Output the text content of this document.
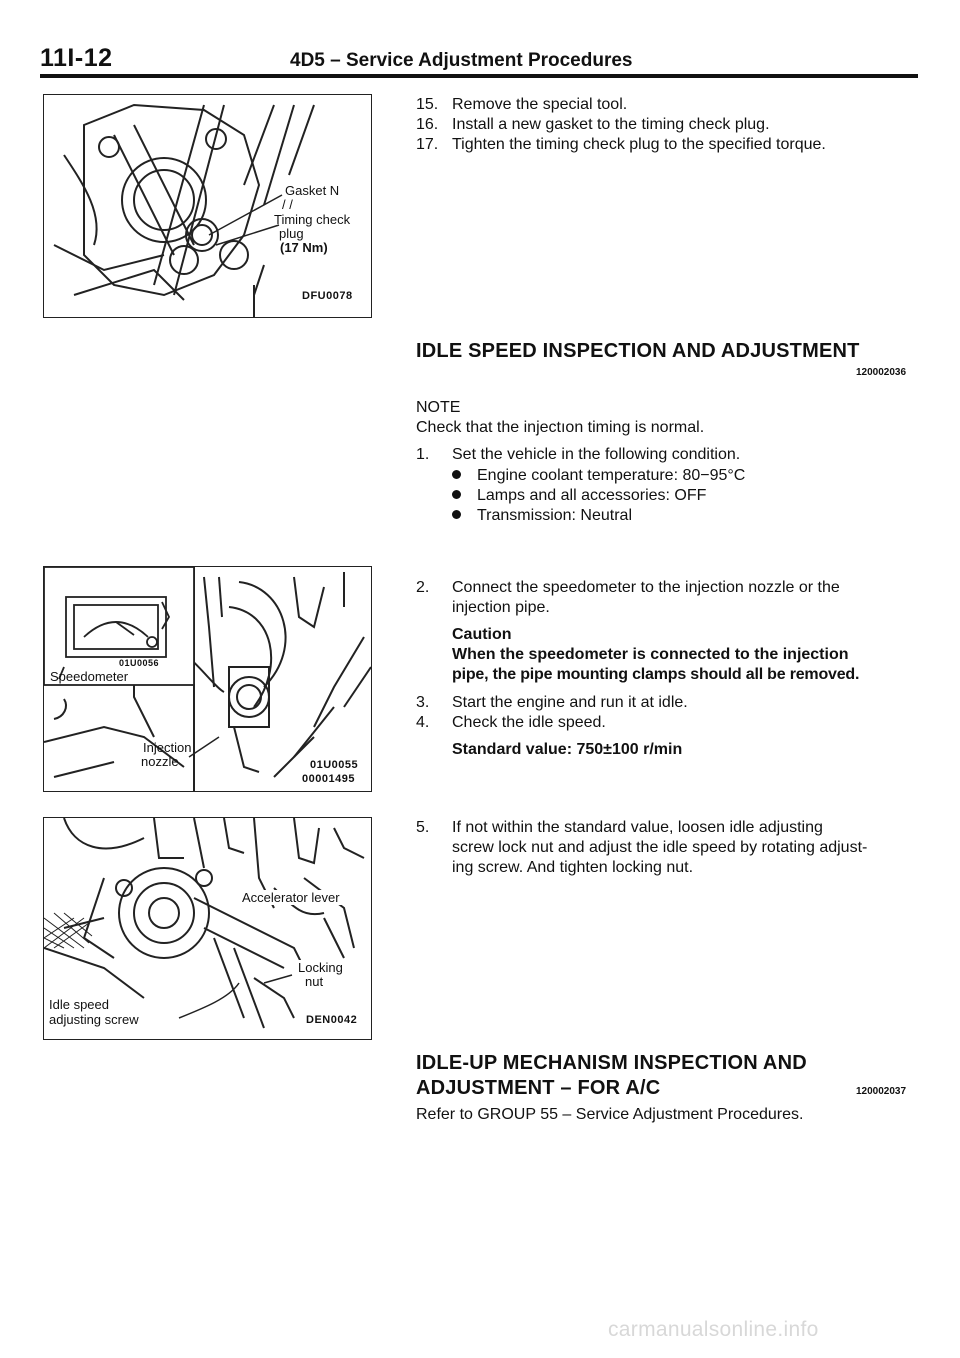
11I-12	4D5 – Service Adjustment Procedures
Gasket N
/ /
Timing check
plug
(17 Nm)
DFU0078
15. Remove the special tool.
16. Install a new gasket to the timing check plug.
17. Tighten the timing check plug to the specified torque.
IDLE SPEED INSPECTION AND ADJUSTMENT
120002036
NOTE
Check that the injectıon timing is normal.
1. Set the vehicle in the following condition.
Engine coolant temperature: 80−95°C
Lamps and all accessories: OFF
Transmission: Neutral
01U0056
Speedometer
Injection
nozzle	01U0055
00001495
2. Connect the speedometer to the injection nozzle or the
injection pipe.
Caution
When the speedometer is connected to the injection
pipe, the pipe mounting clamps should all be removed.
3. Start the engine and run it at idle.
4. Check the idle speed.
Standard value: 750±100 r/min
Accelerator lever
Locking
nut
Idle speed
adjusting screw	DEN0042
5. If not within the standard value, loosen idle adjusting
screw lock nut and adjust the idle speed by rotating adjust-
ing screw. And tighten locking nut.
IDLE-UP MECHANISM INSPECTION AND
ADJUSTMENT – FOR A/C	120002037
Refer to GROUP 55 – Service Adjustment Procedures.
carmanualsonline.info
